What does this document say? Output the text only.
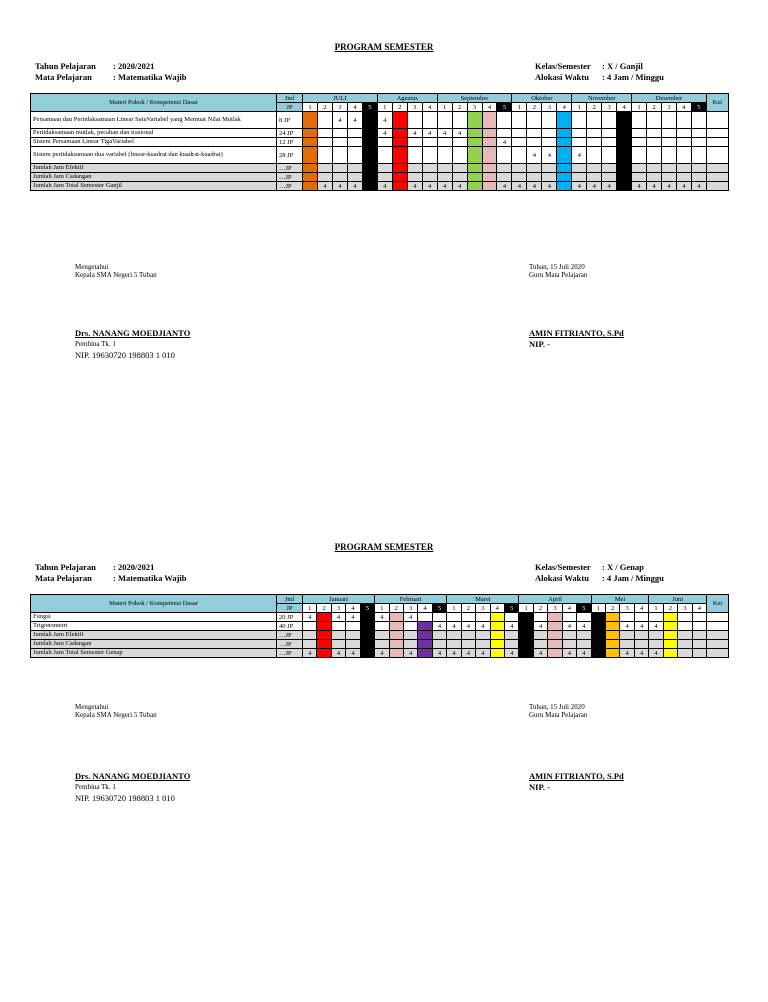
PROGRAM SEMESTER
Tahun Pelajaran : 2020/2021
Mata Pelajaran : Matematika Wajib
Kelas/Semester : X / Ganjil
Alokasi Waktu : 4 Jam / Minggu
Materi Pokok / Kompetensi Dasar	Jml	JULI					Agustus				September					Oktober				November				Desember					Ket
	JP	1	2	3	4	5	1	2	3	4	1	2	3	4	5	1	2	3	4	1	2	3	4	1	2	3	4	5	
Persamaan dan Pertidaksamaan Linear SatuVariabel yang Memuat Nilai Mutlak	8 JP			4	4		4																						
Pertidaksamaan mutlak, pecahan dan irasional	24 JP						4		4	4	4	4																	
Sistem Persamaan Linear TigaVariabel	12 JP														4														
Sistem pertidaksamaan dua variabel (linear-kuadrat dan kuadrat-kuadrat)	28 JP																4	4		4									
Jumlah Jam Efektif	…JP																												
Jumlah Jam Cadangan	…JP																												
Jumlah Jam Total Semester Ganjil	…JP		4	4	4		4		4	4	4	4			4	4	4	4		4	4	4		4	4	4	4	4	
Mengetahui
Kepala SMA Negeri 5 Tuban
Tuban, 15 Juli 2020
Guru Mata Pelajaran
Drs. NANANG MOEDJIANTO
Pembina Tk. 1
NIP. 19630720 198803 1 010
AMIN FITRIANTO, S.Pd
NIP. -
PROGRAM SEMESTER
Tahun Pelajaran : 2020/2021
Mata Pelajaran : Matematika Wajib
Kelas/Semester : X / Genap
Alokasi Waktu : 4 Jam / Minggu
Materi Pokok / Kompetensi Dasar	Jml	Januari					Februari					Maret					April					Mei				Juni				Ket
	JP	1	2	3	4	5	1	2	3	4	5	1	2	3	4	5	1	2	3	4	5	1	2	3	4	1	2	3	4	
Fungsi	20 JP	4		4	4		4		4																					
Trigonometri	40 JP										4	4	4	4		4		4		4	4			4	4	4				
Jumlah Jam Efektif	…JP																													
Jumlah Jam Cadangan	…JP																													
Jumlah Jam Total Semester Genap	…JP	4		4	4		4		4		4	4	4	4		4		4		4	4			4	4	4				
Mengetahui
Kepala SMA Negeri 5 Tuban
Tuban, 15 Juli 2020
Guru Mata Pelajaran
Drs. NANANG MOEDJIANTO
Pembina Tk. 1
NIP. 19630720 198803 1 010
AMIN FITRIANTO, S.Pd
NIP. -
